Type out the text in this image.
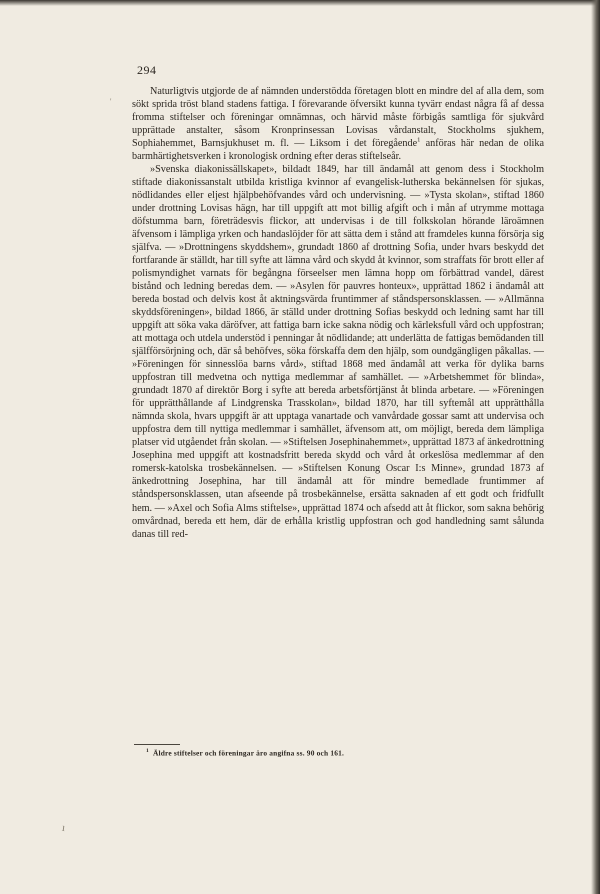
'
ı
294

Naturligtvis utgjorde de af nämnden understödda företagen blott en mindre del af alla dem, som sökt sprida tröst bland stadens fattiga. I förevarande öfversikt kunna tyvärr endast några få af dessa fromma stiftelser och föreningar omnämnas, och härvid måste förbigås samtliga för sjukvård upprättade anstalter, såsom Kronprinsessan Lovisas vårdanstalt, Stockholms sjukhem, Sophiahemmet, Barnsjukhuset m. fl. — Liksom i det föregående$^1$ anföras här nedan de olika barmhärtighetsverken i kronologisk ordning efter deras stiftelseår.

»Svenska diakonissällskapet», bildadt 1849, har till ändamål att genom dess i Stockholm stiftade diakonissanstalt utbilda kristliga kvinnor af evangelisk-lutherska bekännelsen för sjukas, nödlidandes eller eljest hjälpbehöfvandes vård och undervisning. — »Tysta skolan», stiftad 1860 under drottning Lovisas hägn, har till uppgift att mot billig afgift och i mån af utrymme mottaga döfstumma barn, företrädesvis flickor, att undervisas i de till folkskolan hörande läroämnen äfvensom i lämpliga yrken och handaslöjder för att sätta dem i stånd att framdeles kunna försörja sig själfva. — »Drottningens skyddshem», grundadt 1860 af drottning Sofia, under hvars beskydd det fortfarande är ställdt, har till syfte att lämna vård och skydd åt kvinnor, som straffats för brott eller af polismyndighet varnats för begångna förseelser men lämna hopp om förbättrad vandel, därest bistånd och ledning beredas dem. — »Asylen för pauvres honteux», upprättad 1862 i ändamål att bereda bostad och delvis kost åt aktningsvärda fruntimmer af ståndspersonsklassen. — »Allmänna skyddsföreningen», bildad 1866, är ställd under drottning Sofias beskydd och ledning samt har till uppgift att söka vaka däröfver, att fattiga barn icke sakna nödig och kärleksfull vård och uppfostran; att mottaga och utdela understöd i penningar åt nödlidande; att underlätta de fattigas bemödanden till själfförsörjning och, där så behöfves, söka förskaffa dem den hjälp, som oundgängligen påkallas. — »Föreningen för sinnesslöa barns vård», stiftad 1868 med ändamål att verka för dylika barns uppfostran till medvetna och nyttiga medlemmar af samhället. — »Arbetshemmet för blinda», grundadt 1870 af direktör Borg i syfte att bereda arbetsförtjänst åt blinda arbetare. — »Föreningen för upprätthållande af Lindgrenska Trasskolan», bildad 1870, har till syftemål att upprätthålla nämnda skola, hvars uppgift är att upptaga vanartade och vanvårdade gossar samt att undervisa och uppfostra dem till nyttiga medlemmar i samhället, äfvensom att, om möjligt, bereda dem lämpliga platser vid utgåendet från skolan. — »Stiftelsen Josephinahemmet», upprättad 1873 af änkedrottning Josephina med uppgift att kostnadsfritt bereda skydd och vård åt orkeslösa medlemmar af den romersk-katolska trosbekännelsen. — »Stiftelsen Konung Oscar I:s Minne», grundad 1873 af änkedrottning Josephina, har till ändamål att för mindre bemedlade fruntimmer af ståndspersonsklassen, utan afseende på trosbekännelse, ersätta saknaden af ett godt och fridfullt hem. — »Axel och Sofia Alms stiftelse», upprättad 1874 och afsedd att åt flickor, som sakna behörig omvårdnad, bereda ett hem, där de erhålla kristlig uppfostran och god handledning samt sålunda danas till red-

$^1$ Äldre stiftelser och föreningar äro angifna ss. 90 och 161.
